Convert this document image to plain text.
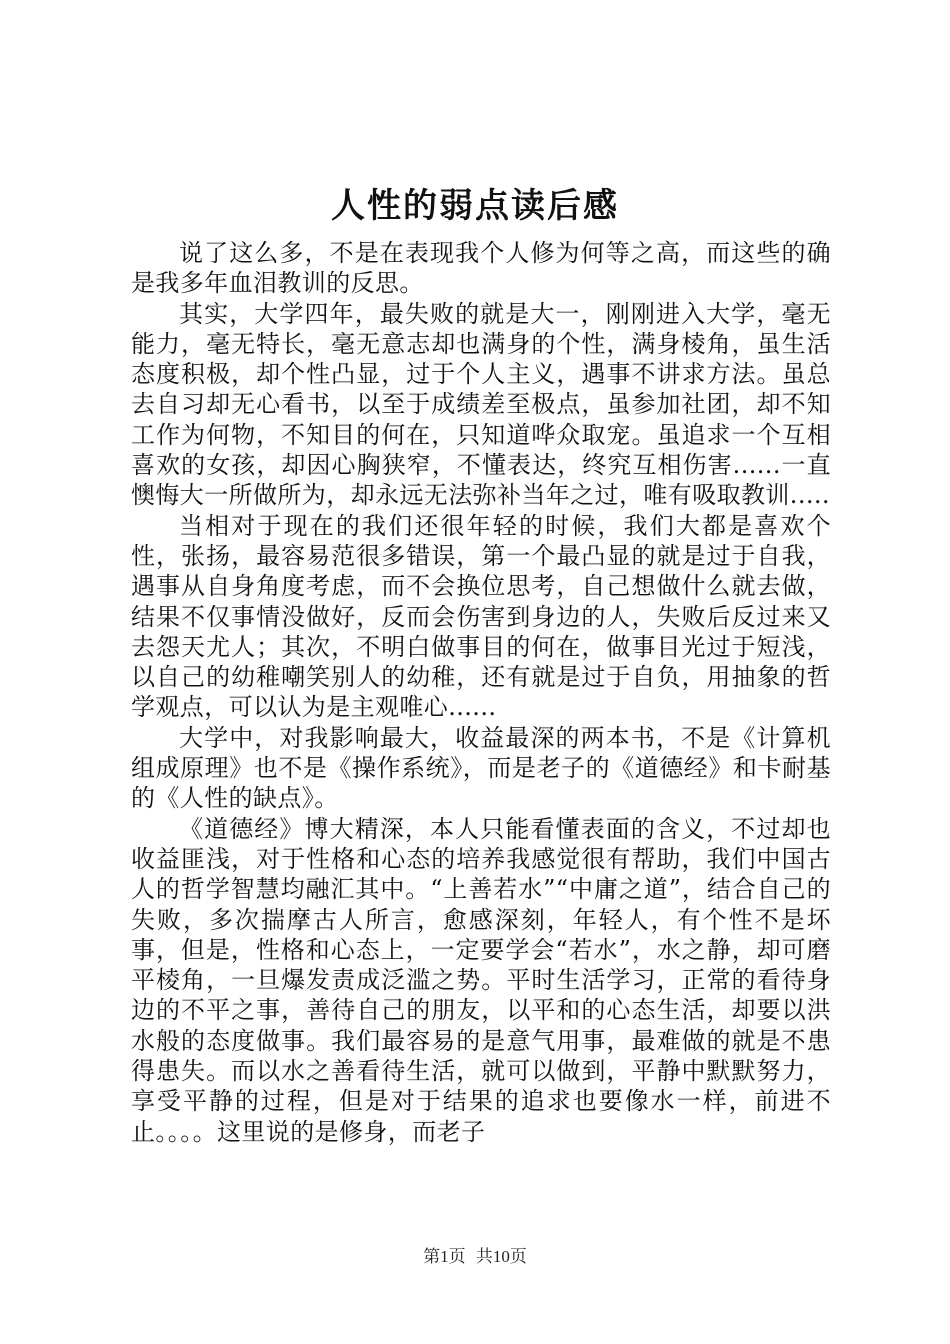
人性的弱点读后感

说了这么多，不是在表现我个人修为何等之高，而这些的确是我多年血泪教训的反思。

其实，大学四年，最失败的就是大一，刚刚进入大学，毫无能力，毫无特长，毫无意志却也满身的个性，满身棱角，虽生活态度积极，却个性凸显，过于个人主义，遇事不讲求方法。虽总去自习却无心看书，以至于成绩差至极点，虽参加社团，却不知工作为何物，不知目的何在，只知道哗众取宠。虽追求一个互相喜欢的女孩，却因心胸狭窄，不懂表达，终究互相伤害......一直懊悔大一所做所为，却永远无法弥补当年之过，唯有吸取教训.....

当相对于现在的我们还很年轻的时候，我们大都是喜欢个性，张扬，最容易范很多错误，第一个最凸显的就是过于自我，遇事从自身角度考虑，而不会换位思考，自己想做什么就去做，结果不仅事情没做好，反而会伤害到身边的人，失败后反过来又去怨天尤人；其次，不明白做事目的何在，做事目光过于短浅，以自己的幼稚嘲笑别人的幼稚，还有就是过于自负，用抽象的哲学观点，可以认为是主观唯心......

大学中，对我影响最大，收益最深的两本书，不是《计算机组成原理》也不是《操作系统》，而是老子的《道德经》和卡耐基的《人性的缺点》。

《道德经》博大精深，本人只能看懂表面的含义，不过却也收益匪浅，对于性格和心态的培养我感觉很有帮助，我们中国古人的哲学智慧均融汇其中。“上善若水”“中庸之道”，结合自己的失败，多次揣摩古人所言，愈感深刻，年轻人，有个性不是坏事，但是，性格和心态上，一定要学会“若水”，水之静，却可磨平棱角，一旦爆发责成泛滥之势。平时生活学习，正常的看待身边的不平之事，善待自己的朋友，以平和的心态生活，却要以洪水般的态度做事。我们最容易的是意气用事，最难做的就是不患得患失。而以水之善看待生活，就可以做到，平静中默默努力，享受平静的过程，但是对于结果的追求也要像水一样，前进不止。。。。这里说的是修身，而老子

第1页 共10页
